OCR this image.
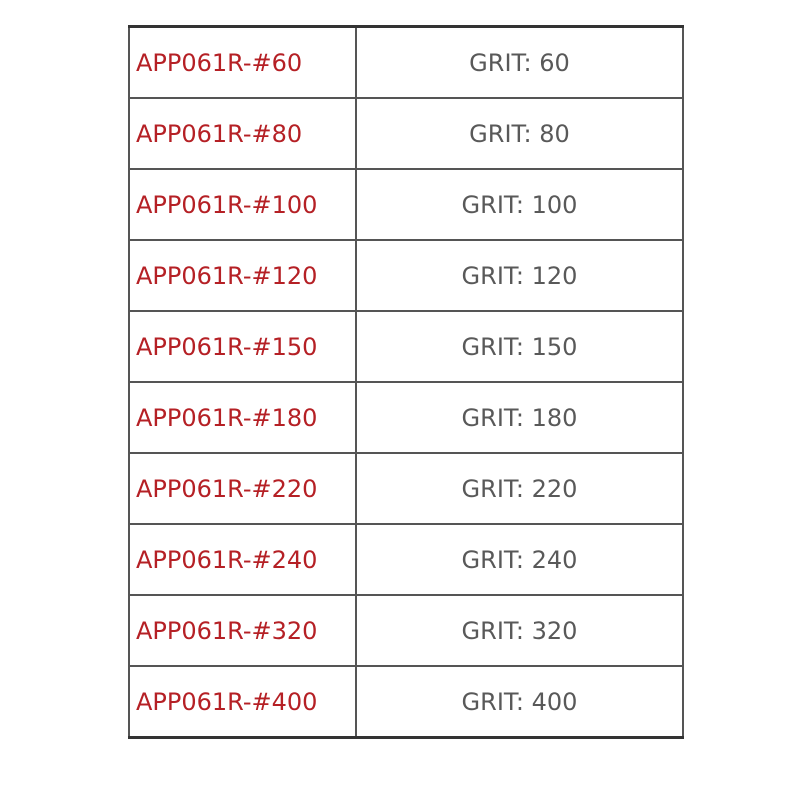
APP061R-#60	GRIT: 60
APP061R-#80	GRIT: 80
APP061R-#100	GRIT: 100
APP061R-#120	GRIT: 120
APP061R-#150	GRIT: 150
APP061R-#180	GRIT: 180
APP061R-#220	GRIT: 220
APP061R-#240	GRIT: 240
APP061R-#320	GRIT: 320
APP061R-#400	GRIT: 400
